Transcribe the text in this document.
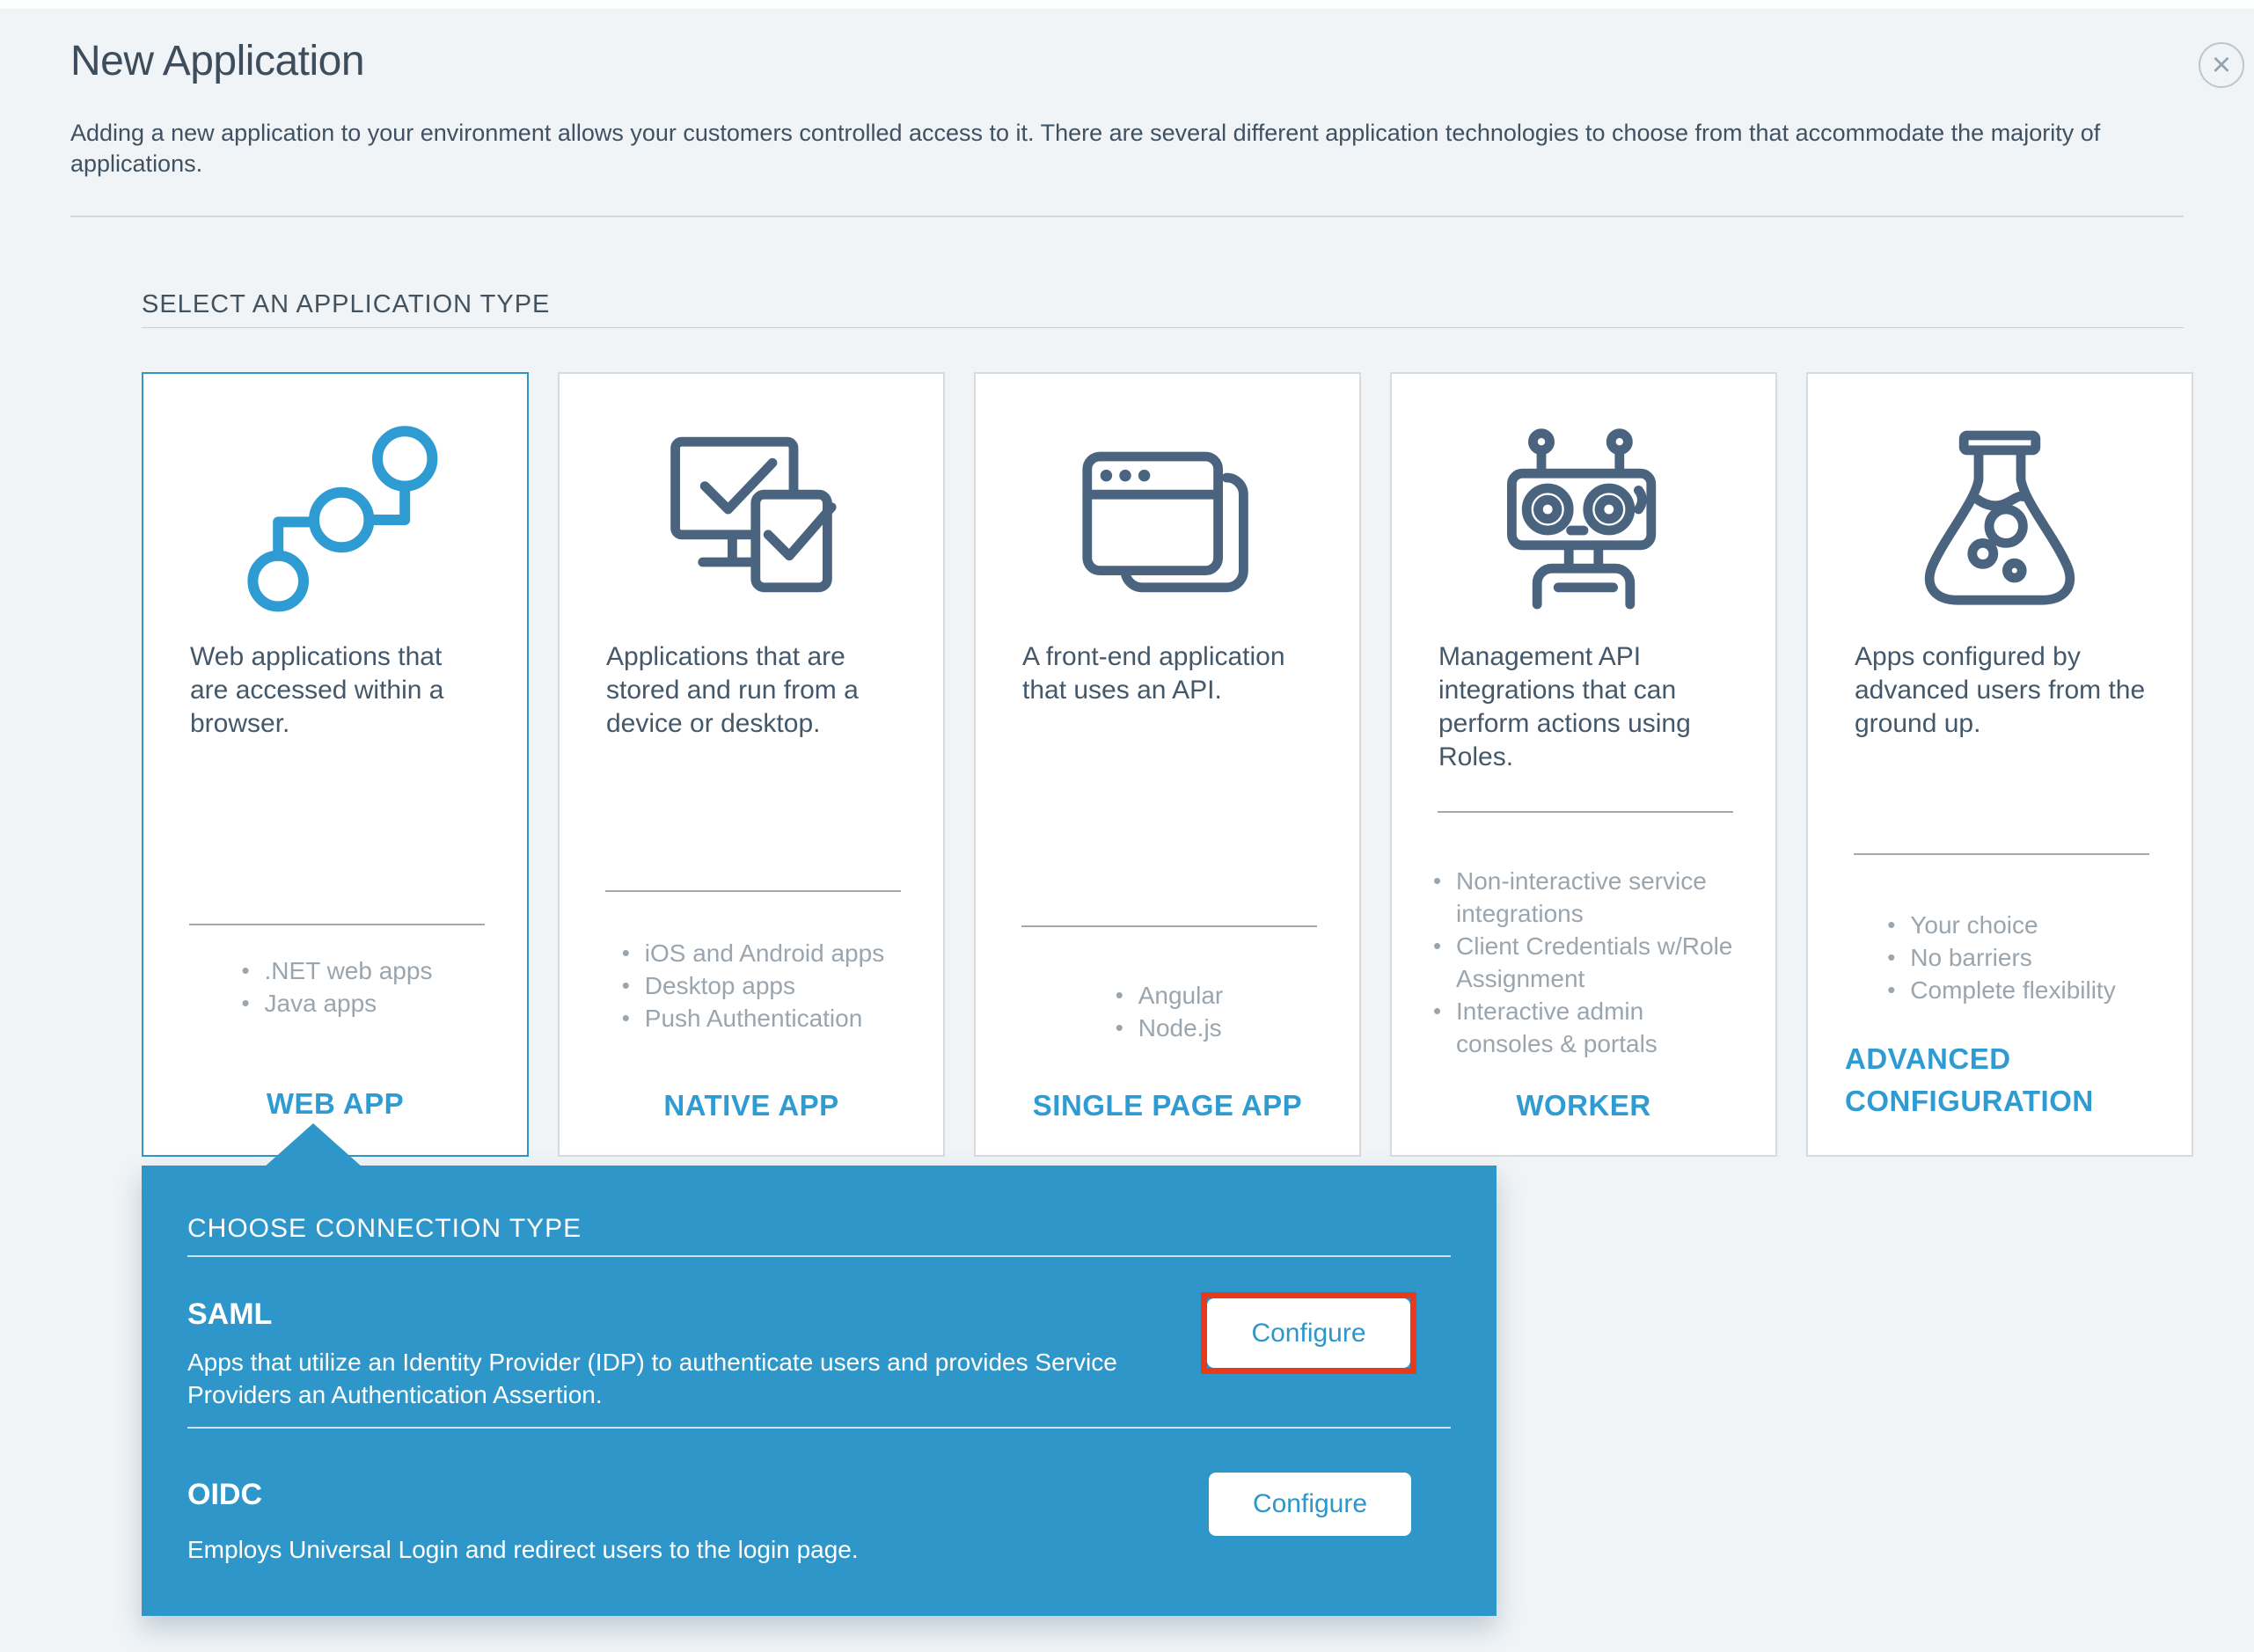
New Application	×
Adding a new application to your environment allows your customers controlled access to it. There are several different application technologies to choose from that accommodate the majority of applications.
SELECT AN APPLICATION TYPE
Web applications that are accessed within a browser.
• .NET web apps
• Java apps
WEB APP
Applications that are stored and run from a device or desktop.
• iOS and Android apps
• Desktop apps
• Push Authentication
NATIVE APP
A front-end application that uses an API.
• Angular
• Node.js
SINGLE PAGE APP
Management API integrations that can perform actions using Roles.
• Non-interactive service integrations
• Client Credentials w/Role Assignment
• Interactive admin consoles & portals
WORKER
Apps configured by advanced users from the ground up.
• Your choice
• No barriers
• Complete flexibility
ADVANCED CONFIGURATION
CHOOSE CONNECTION TYPE
SAML
Apps that utilize an Identity Provider (IDP) to authenticate users and provides Service Providers an Authentication Assertion.
Configure
OIDC
Employs Universal Login and redirect users to the login page.
Configure
